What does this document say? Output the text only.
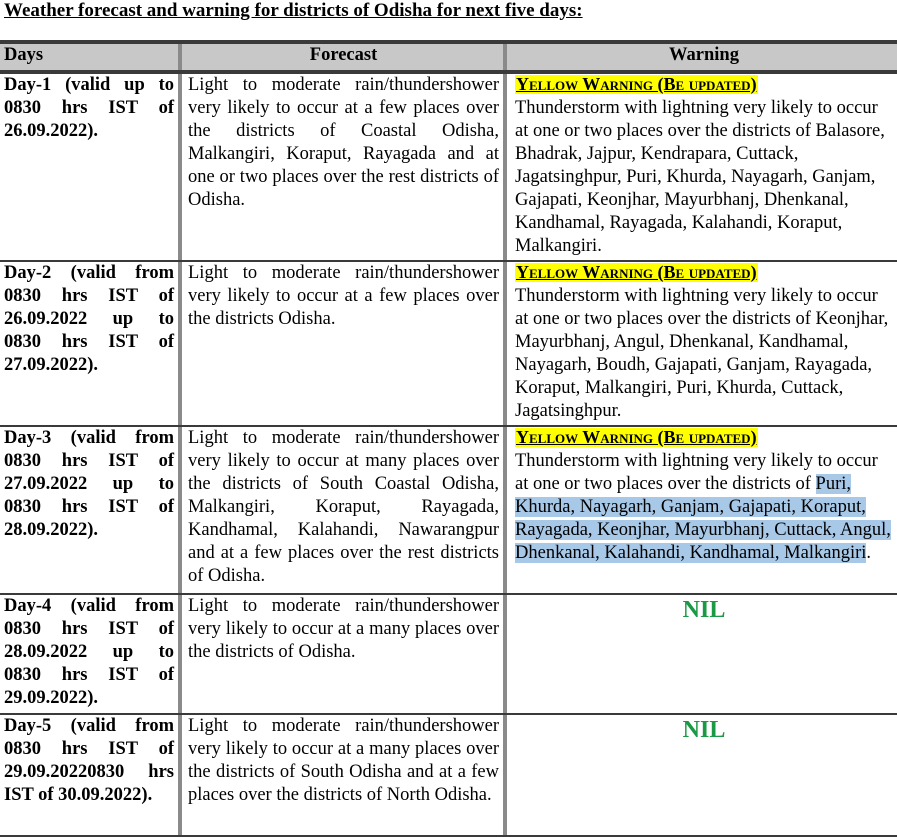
Weather forecast and warning for districts of Odisha for next five days:
Days	Forecast	Warning
Day-1 (valid up to 0830 hrs IST of 26.09.2022).
Light to moderate rain/thundershower very likely to occur at a few places over the districts of Coastal Odisha, Malkangiri, Koraput, Rayagada and at one or two places over the rest districts of Odisha.
Yellow Warning (Be updated)
Thunderstorm with lightning very likely to occur at one or two places over the districts of Balasore, Bhadrak, Jajpur, Kendrapara, Cuttack, Jagatsinghpur, Puri, Khurda, Nayagarh, Ganjam, Gajapati, Keonjhar, Mayurbhanj, Dhenkanal, Kandhamal, Rayagada, Kalahandi, Koraput, Malkangiri.
Day-2 (valid from 0830 hrs IST of 26.09.2022 up to 0830 hrs IST of 27.09.2022).
Light to moderate rain/thundershower very likely to occur at a few places over the districts Odisha.
Yellow Warning (Be updated)
Thunderstorm with lightning very likely to occur at one or two places over the districts of Keonjhar, Mayurbhanj, Angul, Dhenkanal, Kandhamal, Nayagarh, Boudh, Gajapati, Ganjam, Rayagada, Koraput, Malkangiri, Puri, Khurda, Cuttack, Jagatsinghpur.
Day-3 (valid from 0830 hrs IST of 27.09.2022 up to 0830 hrs IST of 28.09.2022).
Light to moderate rain/thundershower very likely to occur at many places over the districts of South Coastal Odisha, Malkangiri, Koraput, Rayagada, Kandhamal, Kalahandi, Nawarangpur and at a few places over the rest districts of Odisha.
Yellow Warning (Be updated)
Thunderstorm with lightning very likely to occur at one or two places over the districts of Puri, Khurda, Nayagarh, Ganjam, Gajapati, Koraput, Rayagada, Keonjhar, Mayurbhanj, Cuttack, Angul, Dhenkanal, Kalahandi, Kandhamal, Malkangiri.
Day-4 (valid from 0830 hrs IST of 28.09.2022 up to 0830 hrs IST of 29.09.2022).
Light to moderate rain/thundershower very likely to occur at a many places over the districts of Odisha.
NIL
Day-5 (valid from 0830 hrs IST of 29.09.20220830 hrs IST of 30.09.2022).
Light to moderate rain/thundershower very likely to occur at a many places over the districts of South Odisha and at a few places over the districts of North Odisha.
NIL
